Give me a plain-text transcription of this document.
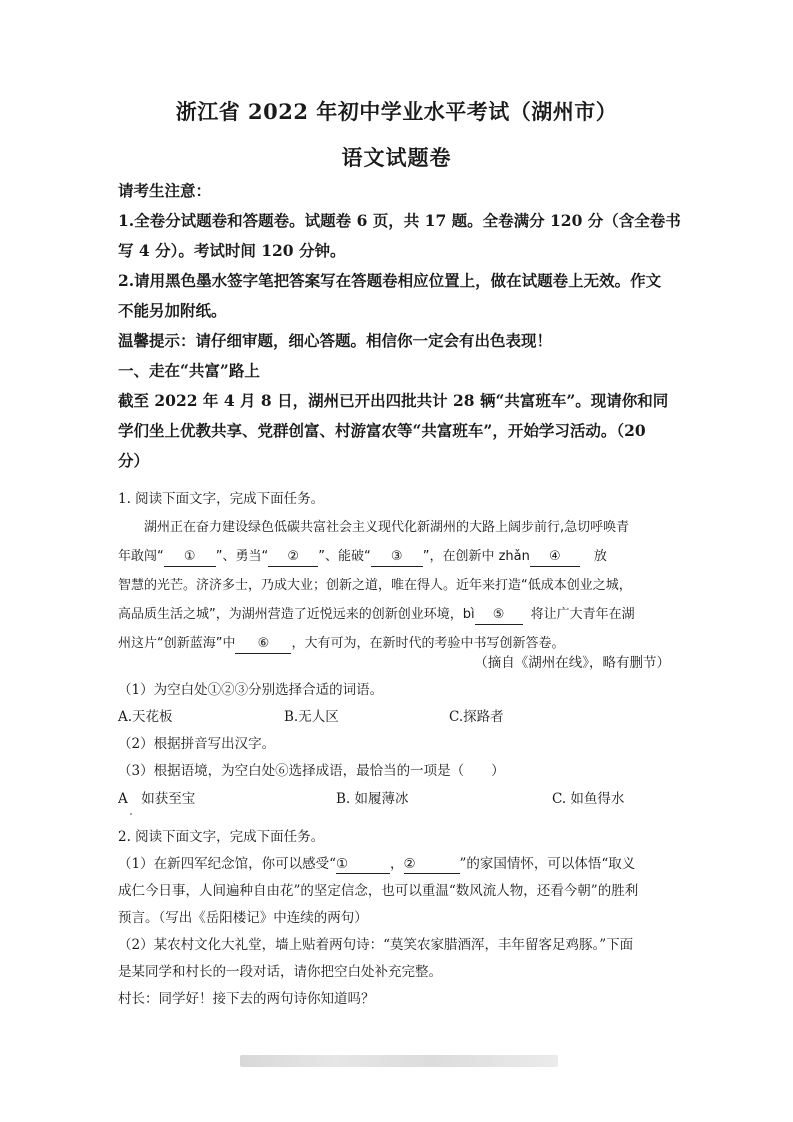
浙江省 2022 年初中学业水平考试（湖州市）
语文试题卷
请考生注意：
1.全卷分试题卷和答题卷。试题卷 6 页，共 17 题。全卷满分 120 分（含全卷书
写 4 分）。考试时间 120 分钟。
2.请用黑色墨水签字笔把答案写在答题卷相应位置上，做在试题卷上无效。作文
不能另加附纸。
温馨提示：请仔细审题，细心答题。相信你一定会有出色表现！
一、走在“共富”路上
截至 2022 年 4 月 8 日，湖州已开出四批共计 28 辆“共富班车”。现请你和同
学们坐上优教共享、党群创富、村游富农等“共富班车”，开始学习活动。（20
分）
1. 阅读下面文字，完成下面任务。
湖州正在奋力建设绿色低碳共富社会主义现代化新湖州的大路上阔步前行,急切呼唤青
年敢闯“ ① ”、勇当“ ② ”、能破“ ③ ”，在创新中 zhǎn ④	放
智慧的光芒。济济多士，乃成大业；创新之道，唯在得人。近年来打造“低成本创业之城，
高品质生活之城”，为湖州营造了近悦远来的创新创业环境，bì ⑤ 将让广大青年在湖
州这片“创新蓝海”中 ⑥ ，大有可为，在新时代的考验中书写创新答卷。
（摘自《湖州在线》，略有删节）
（1）为空白处①②③分别选择合适的词语。
A.天花板	B.无人区	C.探路者
（2）根据拼音写出汉字。
（3）根据语境，为空白处⑥选择成语，最恰当的一项是（　　）
A　如获至宝	B. 如履薄冰	C. 如鱼得水
2. 阅读下面文字，完成下面任务。
（1）在新四军纪念馆，你可以感受“①	，②	”的家国情怀，可以体悟“取义
成仁今日事，人间遍种自由花”的坚定信念，也可以重温“数风流人物，还看今朝”的胜利
预言。（写出《岳阳楼记》中连续的两句）
（2）某农村文化大礼堂，墙上贴着两句诗：“莫笑农家腊酒浑，丰年留客足鸡豚。”下面
是某同学和村长的一段对话，请你把空白处补充完整。
村长：同学好！接下去的两句诗你知道吗？
